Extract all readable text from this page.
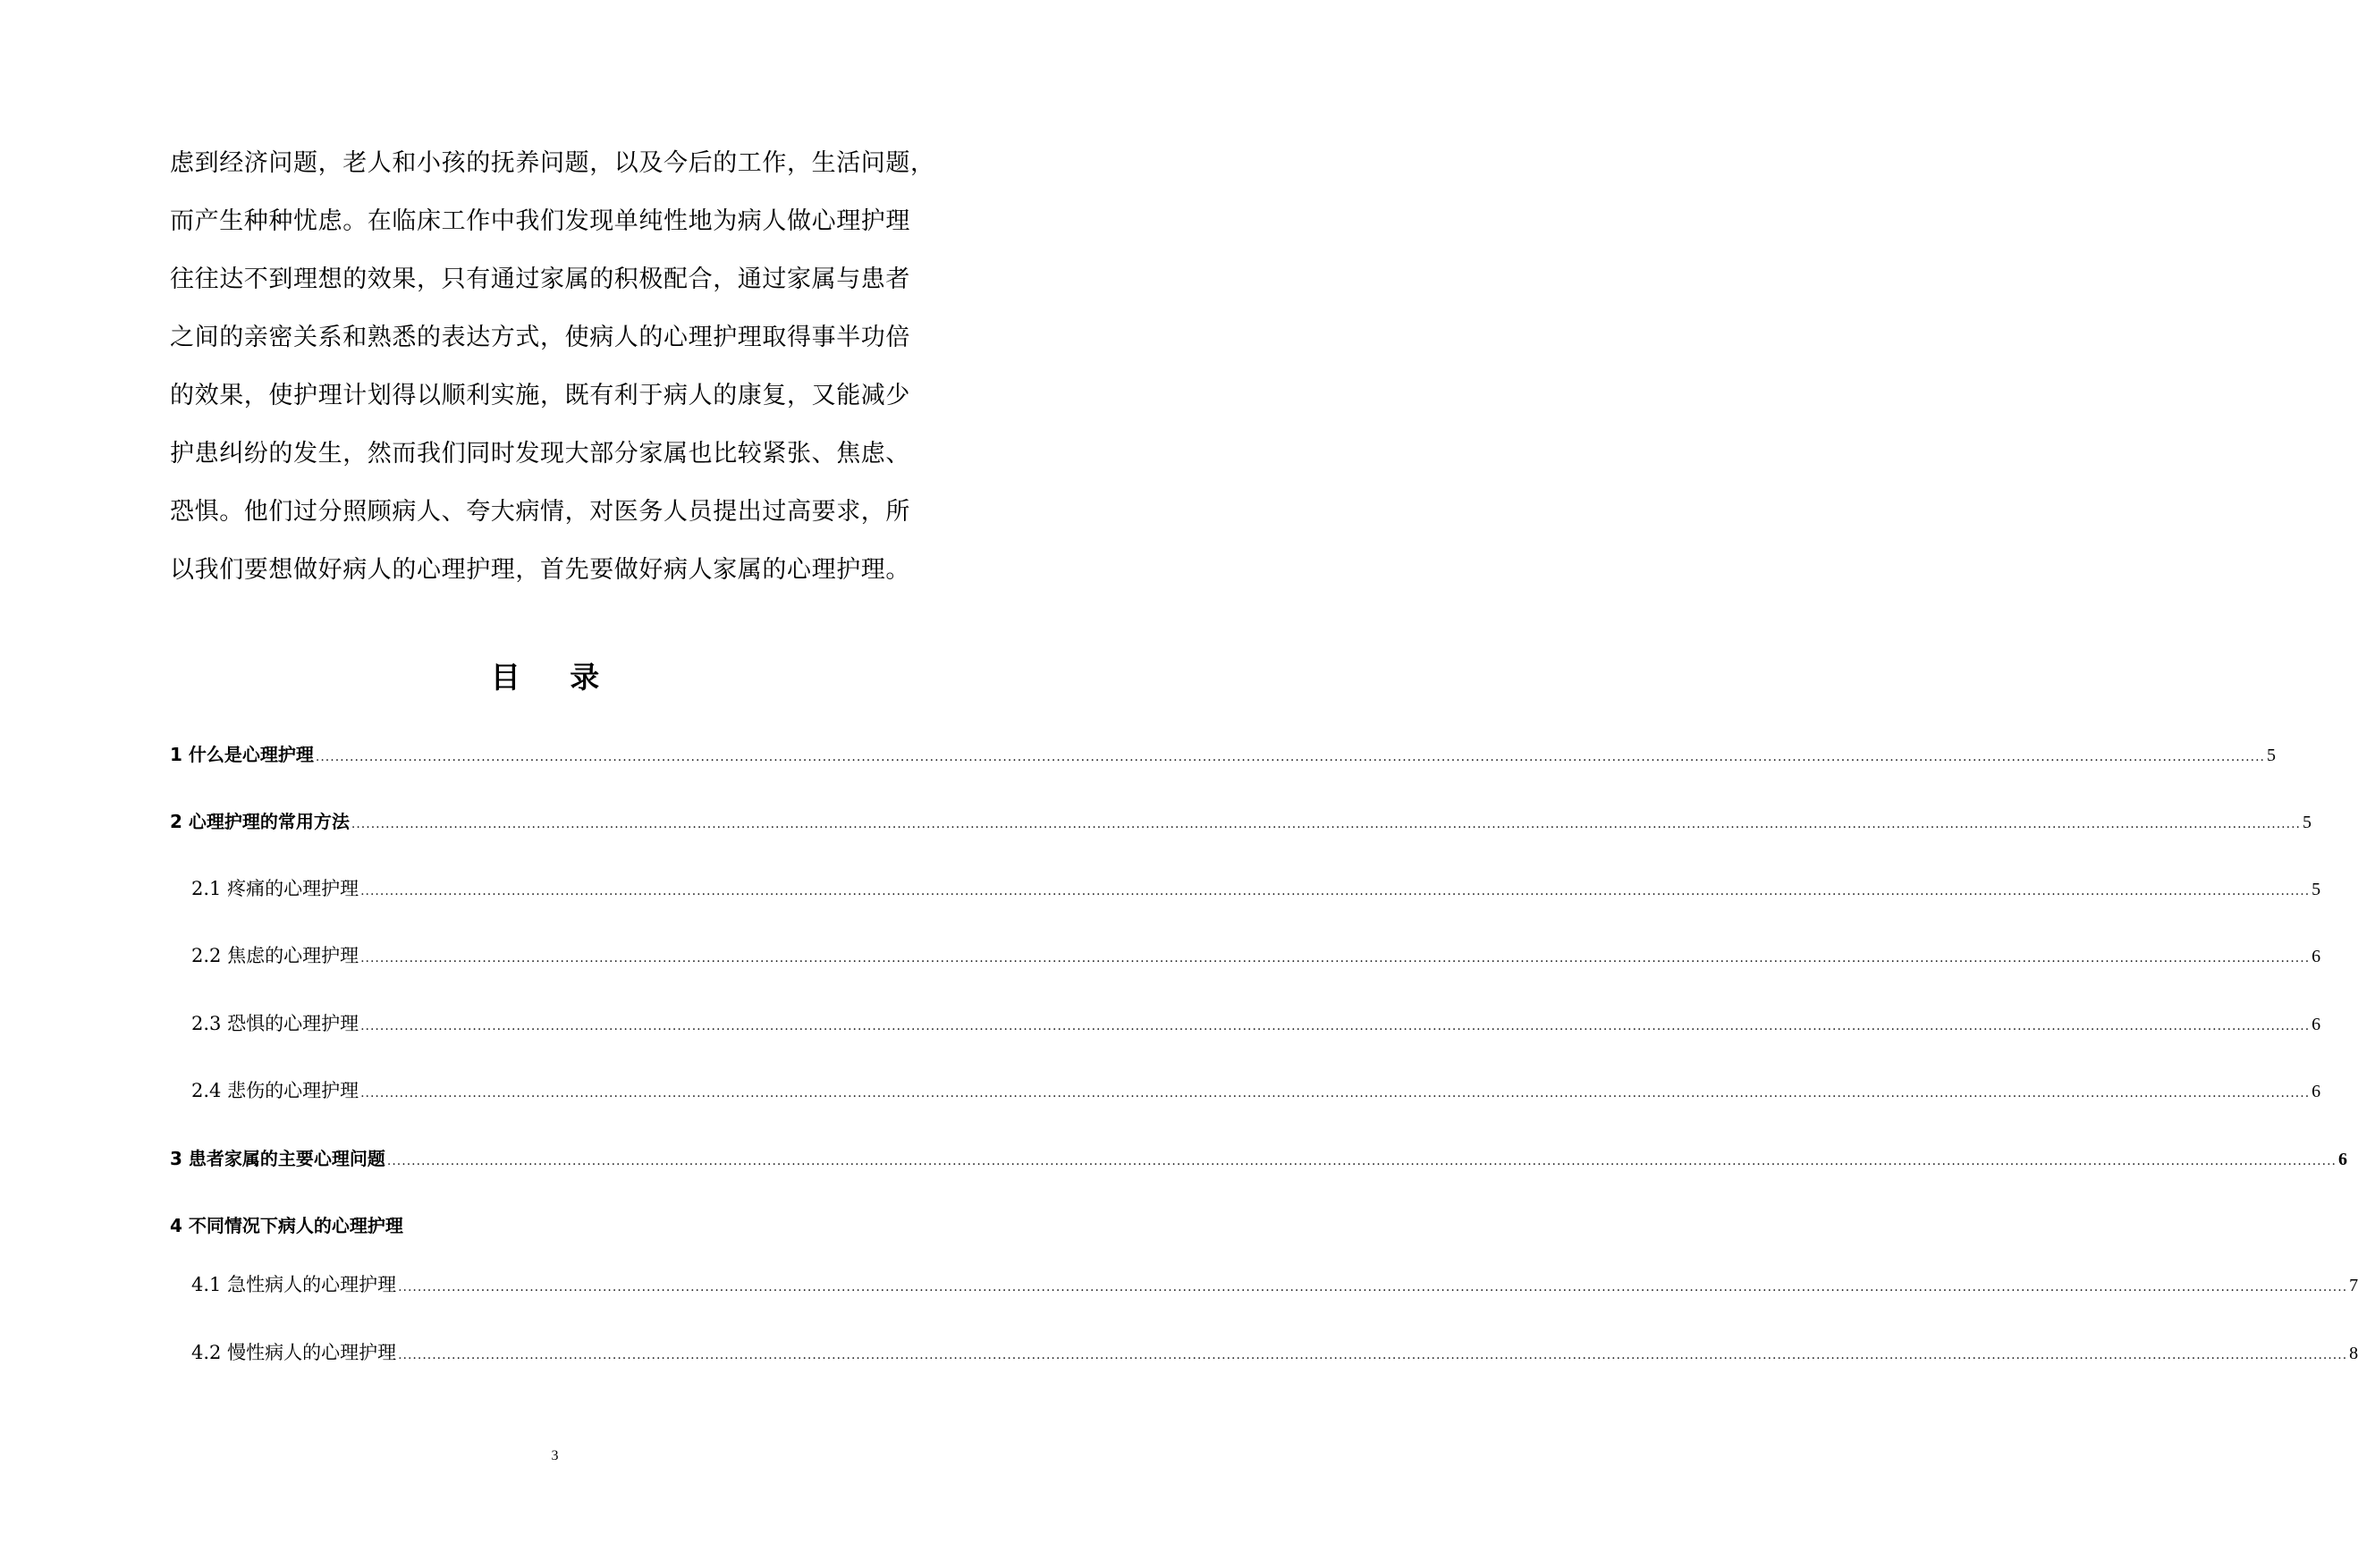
虑到经济问题，老人和小孩的抚养问题，以及今后的工作，生活问题，
而产生种种忧虑。在临床工作中我们发现单纯性地为病人做心理护理
往往达不到理想的效果，只有通过家属的积极配合，通过家属与患者
之间的亲密关系和熟悉的表达方式，使病人的心理护理取得事半功倍
的效果，使护理计划得以顺利实施，既有利于病人的康复，又能减少
护患纠纷的发生，然而我们同时发现大部分家属也比较紧张、焦虑、
恐惧。他们过分照顾病人、夸大病情，对医务人员提出过高要求，所
以我们要想做好病人的心理护理，首先要做好病人家属的心理护理。
目 录
1 什么是心理护理 ................................................................................................................................................................................................................................................................................................................................................................................................................ 5
2 心理护理的常用方法 ................................................................................................................................................................................................................................................................................................................................................................................................................ 5
2.1 疼痛的心理护理 ................................................................................................................................................................................................................................................................................................................................................................................................................ 5
2.2 焦虑的心理护理 ................................................................................................................................................................................................................................................................................................................................................................................................................ 6
2.3 恐惧的心理护理 ................................................................................................................................................................................................................................................................................................................................................................................................................ 6
2.4 悲伤的心理护理 ................................................................................................................................................................................................................................................................................................................................................................................................................ 6
3 患者家属的主要心理问题 ................................................................................................................................................................................................................................................................................................................................................................................................................ 6
4 不同情况下病人的心理护理
4.1 急性病人的心理护理 ................................................................................................................................................................................................................................................................................................................................................................................................................ 7
4.2 慢性病人的心理护理 ................................................................................................................................................................................................................................................................................................................................................................................................................ 8
3
